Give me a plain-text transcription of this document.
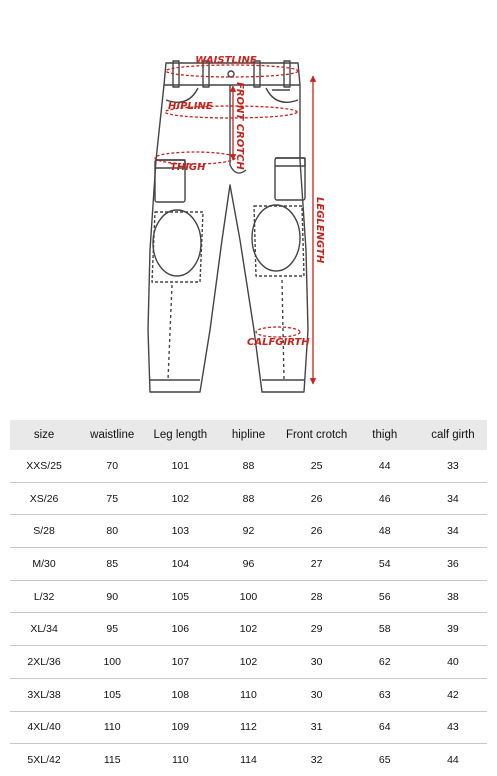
WAISTLINE
HIPLINE FRONT CROTCH
THIGH
LEGLENGTH
CALFGIRTH
size	waistline	Leg length	hipline	Front crotch	thigh	calf girth
XXS/25	70	101	88	25	44	33
XS/26	75	102	88	26	46	34
S/28	80	103	92	26	48	34
M/30	85	104	96	27	54	36
L/32	90	105	100	28	56	38
XL/34	95	106	102	29	58	39
2XL/36	100	107	102	30	62	40
3XL/38	105	108	110	30	63	42
4XL/40	110	109	112	31	64	43
5XL/42	115	110	114	32	65	44
